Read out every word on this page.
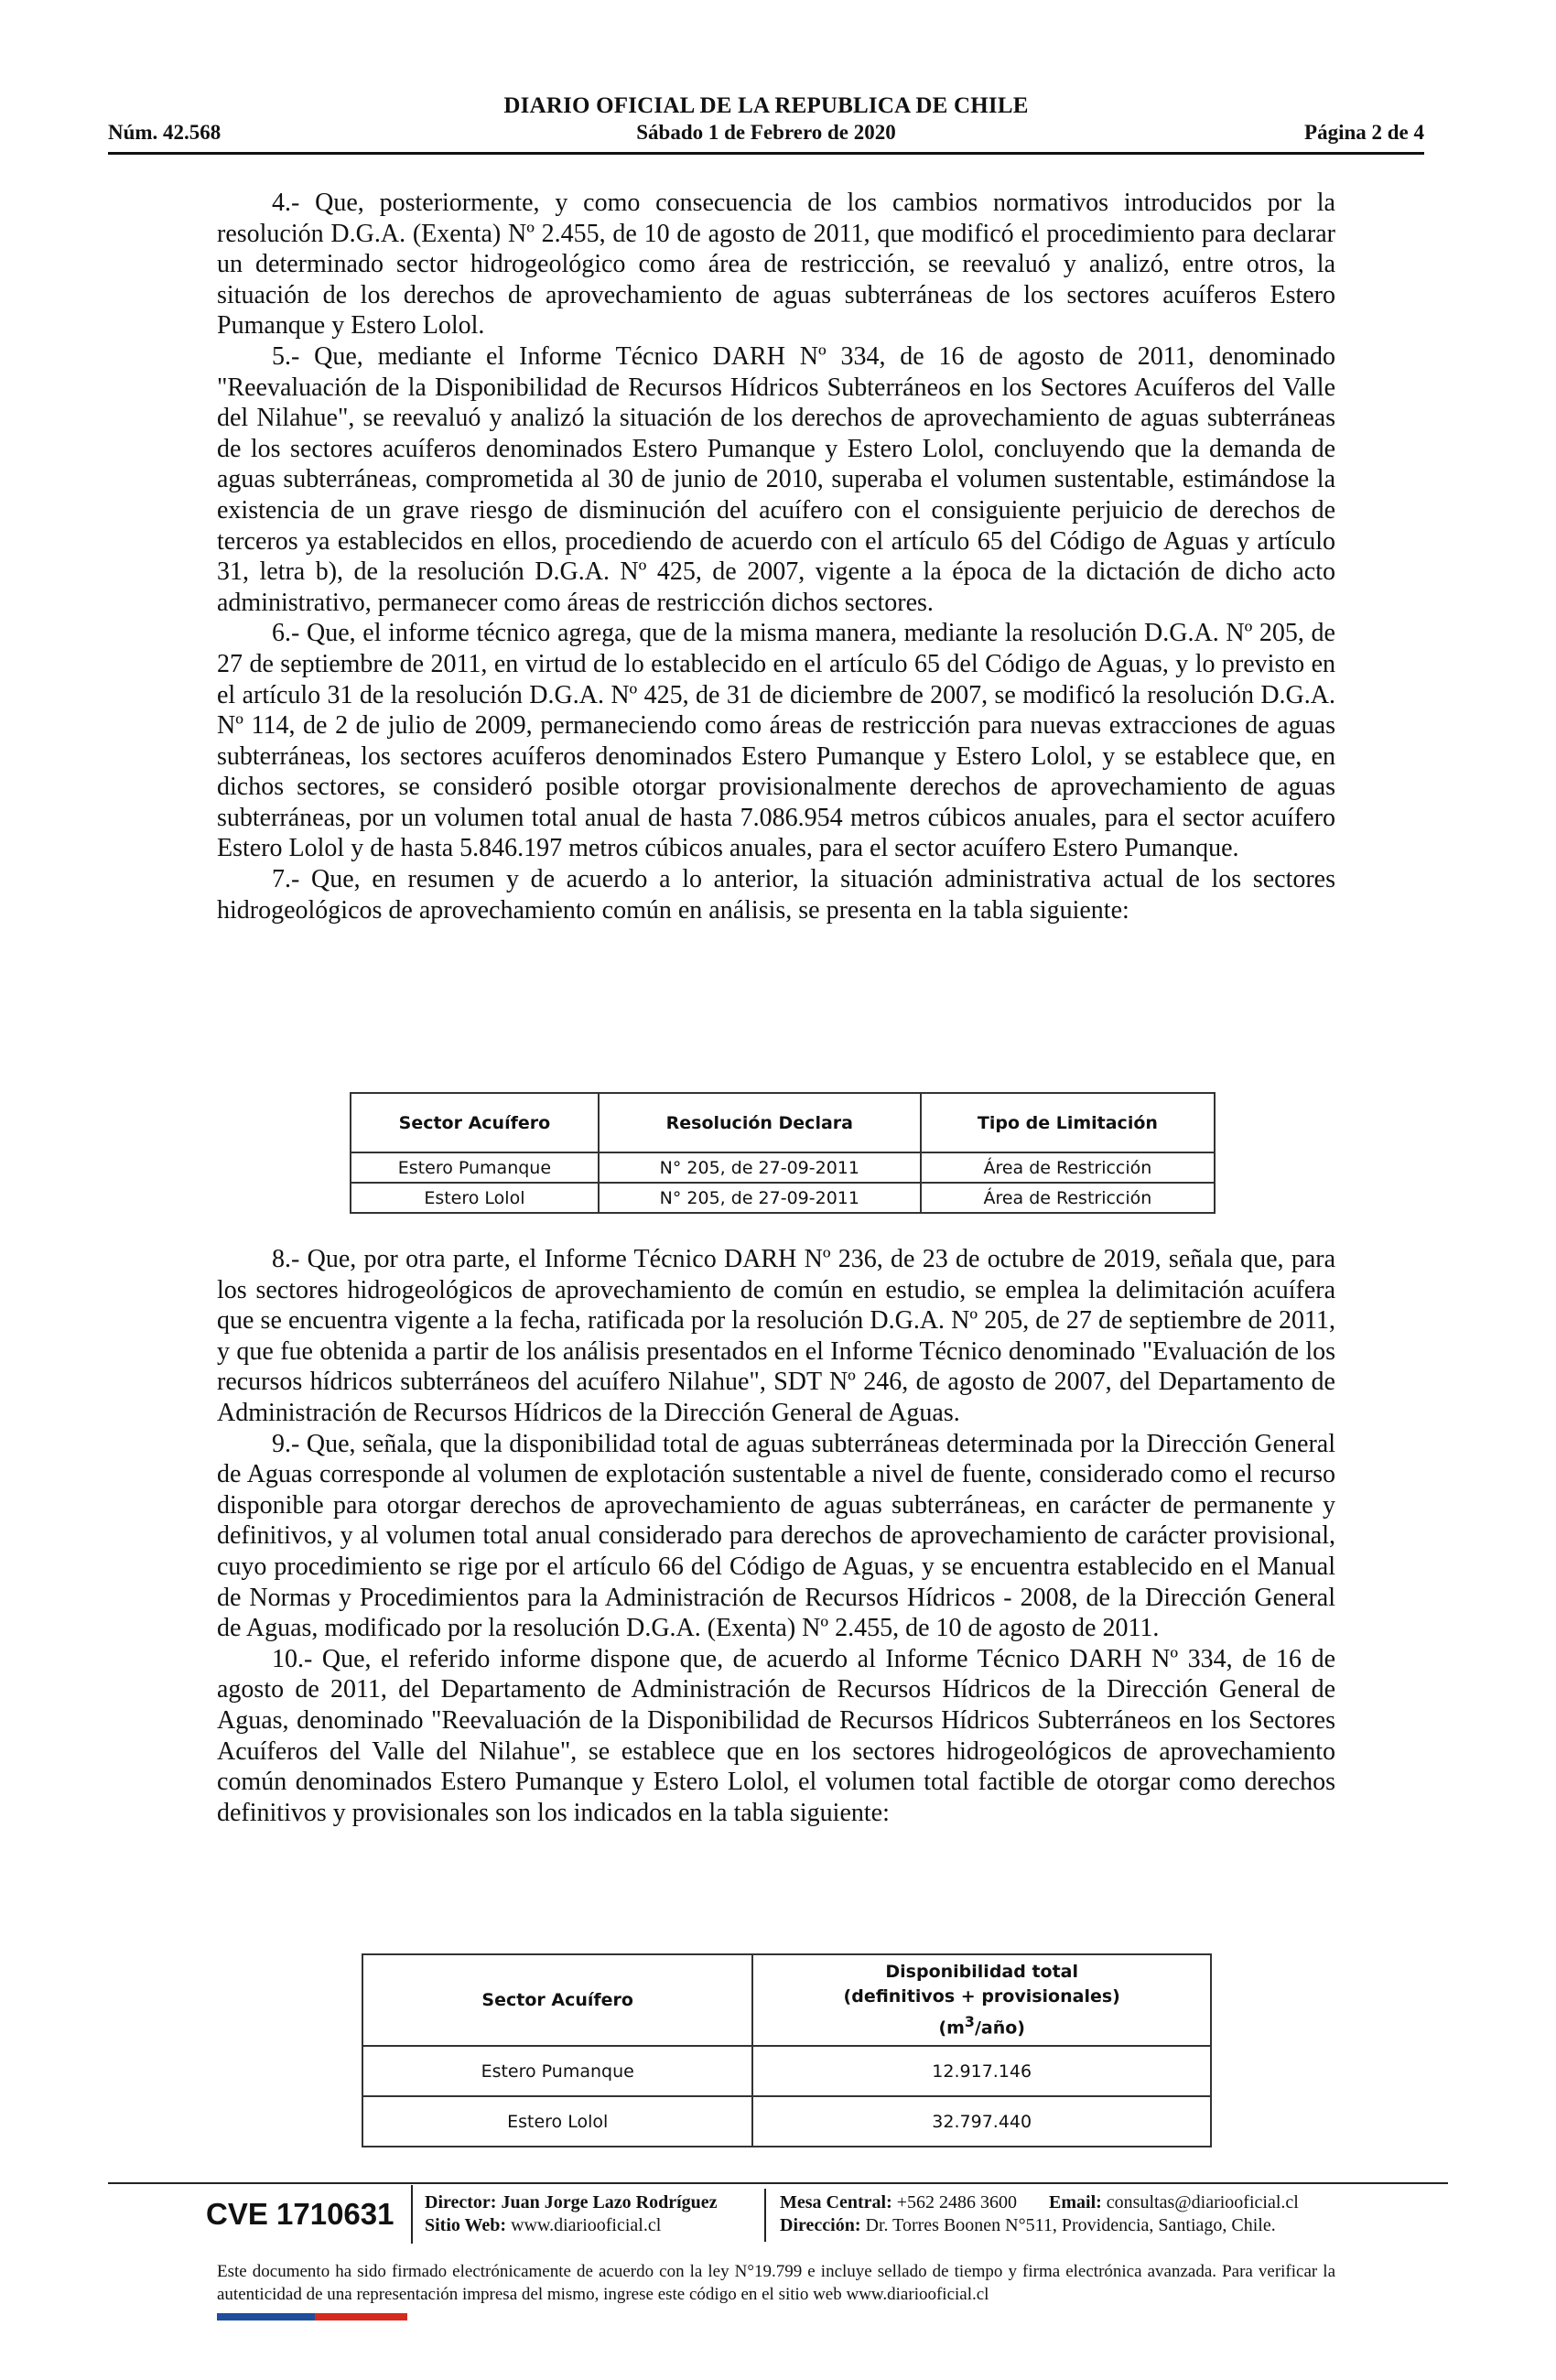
DIARIO OFICIAL DE LA REPUBLICA DE CHILE
Núm. 42.568	Sábado 1 de Febrero de 2020	Página 2 de 4

4.- Que, posteriormente, y como consecuencia de los cambios normativos introducidos por la resolución D.G.A. (Exenta) Nº 2.455, de 10 de agosto de 2011, que modificó el procedimiento para declarar un determinado sector hidrogeológico como área de restricción, se reevaluó y analizó, entre otros, la situación de los derechos de aprovechamiento de aguas subterráneas de los sectores acuíferos Estero Pumanque y Estero Lolol.

5.- Que, mediante el Informe Técnico DARH Nº 334, de 16 de agosto de 2011, denominado "Reevaluación de la Disponibilidad de Recursos Hídricos Subterráneos en los Sectores Acuíferos del Valle del Nilahue", se reevaluó y analizó la situación de los derechos de aprovechamiento de aguas subterráneas de los sectores acuíferos denominados Estero Pumanque y Estero Lolol, concluyendo que la demanda de aguas subterráneas, comprometida al 30 de junio de 2010, superaba el volumen sustentable, estimándose la existencia de un grave riesgo de disminución del acuífero con el consiguiente perjuicio de derechos de terceros ya establecidos en ellos, procediendo de acuerdo con el artículo 65 del Código de Aguas y artículo 31, letra b), de la resolución D.G.A. Nº 425, de 2007, vigente a la época de la dictación de dicho acto administrativo, permanecer como áreas de restricción dichos sectores.

6.- Que, el informe técnico agrega, que de la misma manera, mediante la resolución D.G.A. Nº 205, de 27 de septiembre de 2011, en virtud de lo establecido en el artículo 65 del Código de Aguas, y lo previsto en el artículo 31 de la resolución D.G.A. Nº 425, de 31 de diciembre de 2007, se modificó la resolución D.G.A. Nº 114, de 2 de julio de 2009, permaneciendo como áreas de restricción para nuevas extracciones de aguas subterráneas, los sectores acuíferos denominados Estero Pumanque y Estero Lolol, y se establece que, en dichos sectores, se consideró posible otorgar provisionalmente derechos de aprovechamiento de aguas subterráneas, por un volumen total anual de hasta 7.086.954 metros cúbicos anuales, para el sector acuífero Estero Lolol y de hasta 5.846.197 metros cúbicos anuales, para el sector acuífero Estero Pumanque.

7.- Que, en resumen y de acuerdo a lo anterior, la situación administrativa actual de los sectores hidrogeológicos de aprovechamiento común en análisis, se presenta en la tabla siguiente:

Sector Acuífero	Resolución Declara	Tipo de Limitación
Estero Pumanque	N° 205, de 27-09-2011	Área de Restricción
Estero Lolol	N° 205, de 27-09-2011	Área de Restricción

8.- Que, por otra parte, el Informe Técnico DARH Nº 236, de 23 de octubre de 2019, señala que, para los sectores hidrogeológicos de aprovechamiento de común en estudio, se emplea la delimitación acuífera que se encuentra vigente a la fecha, ratificada por la resolución D.G.A. Nº 205, de 27 de septiembre de 2011, y que fue obtenida a partir de los análisis presentados en el Informe Técnico denominado "Evaluación de los recursos hídricos subterráneos del acuífero Nilahue", SDT Nº 246, de agosto de 2007, del Departamento de Administración de Recursos Hídricos de la Dirección General de Aguas.

9.- Que, señala, que la disponibilidad total de aguas subterráneas determinada por la Dirección General de Aguas corresponde al volumen de explotación sustentable a nivel de fuente, considerado como el recurso disponible para otorgar derechos de aprovechamiento de aguas subterráneas, en carácter de permanente y definitivos, y al volumen total anual considerado para derechos de aprovechamiento de carácter provisional, cuyo procedimiento se rige por el artículo 66 del Código de Aguas, y se encuentra establecido en el Manual de Normas y Procedimientos para la Administración de Recursos Hídricos - 2008, de la Dirección General de Aguas, modificado por la resolución D.G.A. (Exenta) Nº 2.455, de 10 de agosto de 2011.

10.- Que, el referido informe dispone que, de acuerdo al Informe Técnico DARH Nº 334, de 16 de agosto de 2011, del Departamento de Administración de Recursos Hídricos de la Dirección General de Aguas, denominado "Reevaluación de la Disponibilidad de Recursos Hídricos Subterráneos en los Sectores Acuíferos del Valle del Nilahue", se establece que en los sectores hidrogeológicos de aprovechamiento común denominados Estero Pumanque y Estero Lolol, el volumen total factible de otorgar como derechos definitivos y provisionales son los indicados en la tabla siguiente:

Sector Acuífero	Disponibilidad total
(definitivos + provisionales)
$(m^3/año)$
Estero Pumanque	12.917.146
Estero Lolol	32.797.440
CVE 1710631	Director: Juan Jorge Lazo Rodríguez
Sitio Web: www.diariooficial.cl
Mesa Central: +562 2486 3600 Email: consultas@diariooficial.cl
Dirección: Dr. Torres Boonen N°511, Providencia, Santiago, Chile.
Este documento ha sido firmado electrónicamente de acuerdo con la ley N°19.799 e incluye sellado de tiempo y firma electrónica avanzada. Para verificar la autenticidad de una representación impresa del mismo, ingrese este código en el sitio web www.diariooficial.cl
